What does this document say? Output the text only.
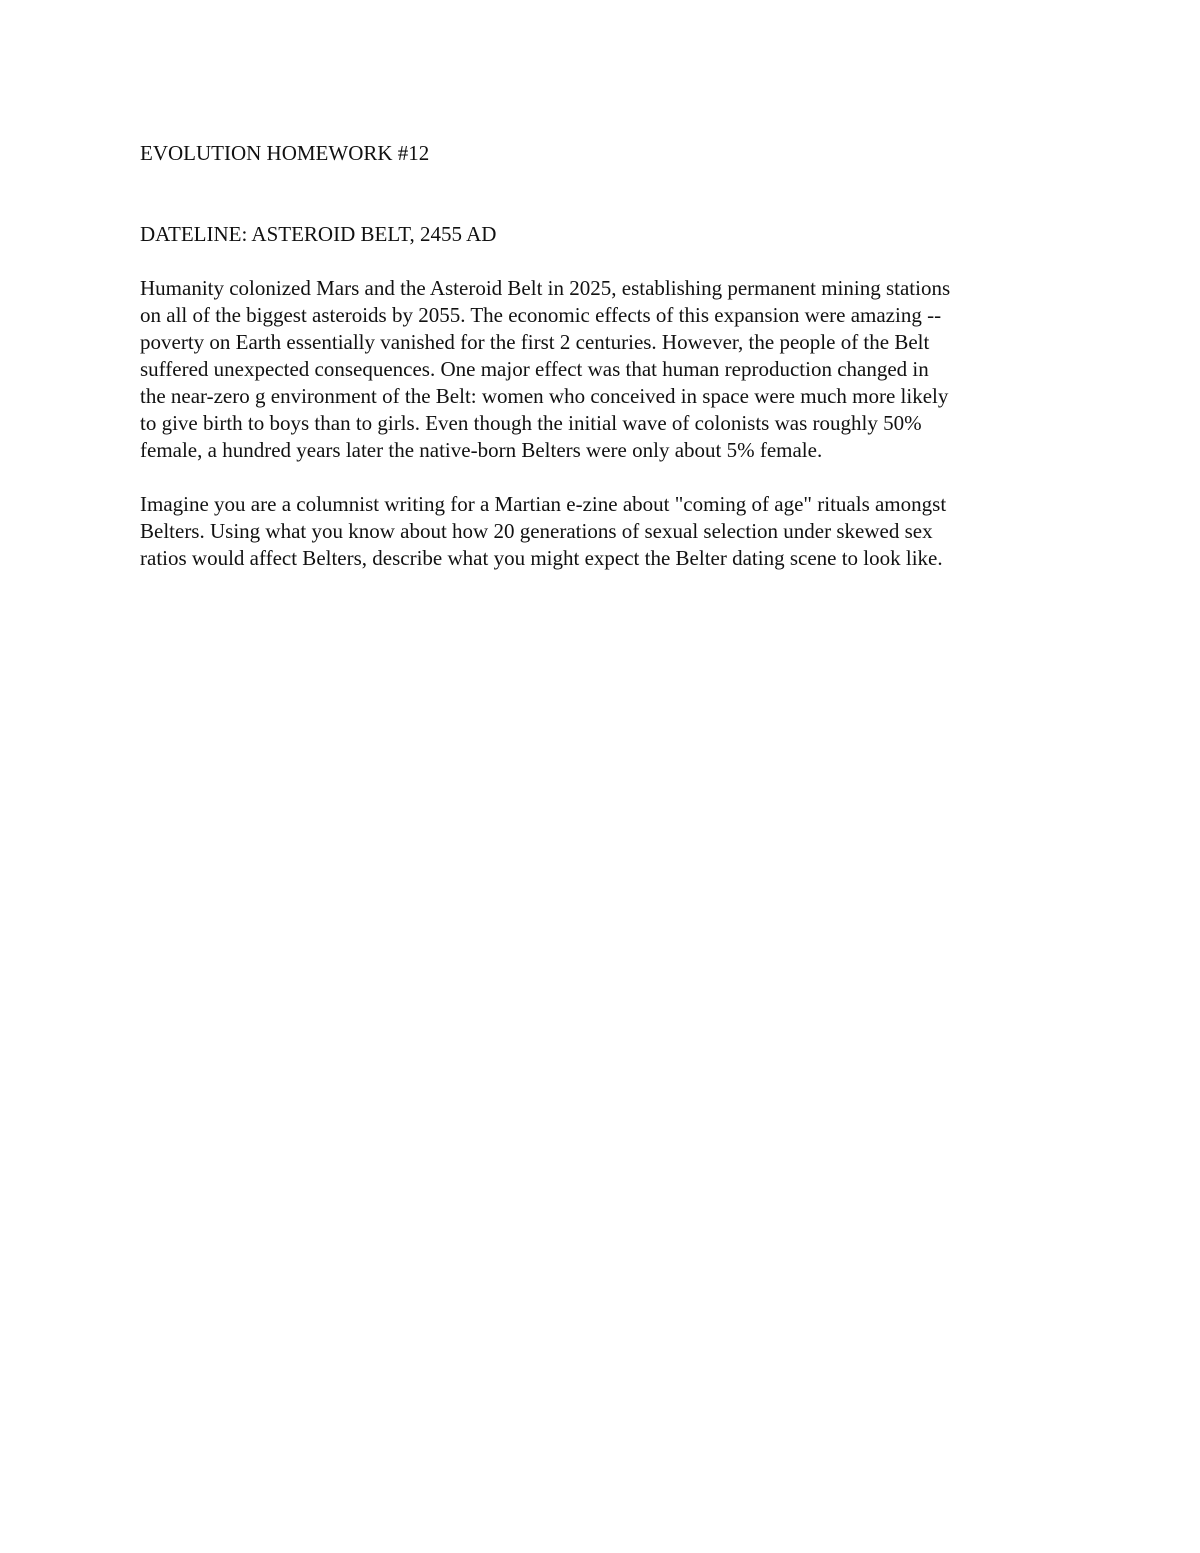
EVOLUTION HOMEWORK #12
DATELINE: ASTEROID BELT, 2455 AD
Humanity colonized Mars and the Asteroid Belt in 2025, establishing permanent mining stations
on all of the biggest asteroids by 2055. The economic effects of this expansion were amazing --
poverty on Earth essentially vanished for the first 2 centuries. However, the people of the Belt
suffered unexpected consequences. One major effect was that human reproduction changed in
the near-zero g environment of the Belt: women who conceived in space were much more likely
to give birth to boys than to girls. Even though the initial wave of colonists was roughly 50%
female, a hundred years later the native-born Belters were only about 5% female.
Imagine you are a columnist writing for a Martian e-zine about "coming of age" rituals amongst
Belters. Using what you know about how 20 generations of sexual selection under skewed sex
ratios would affect Belters, describe what you might expect the Belter dating scene to look like.
